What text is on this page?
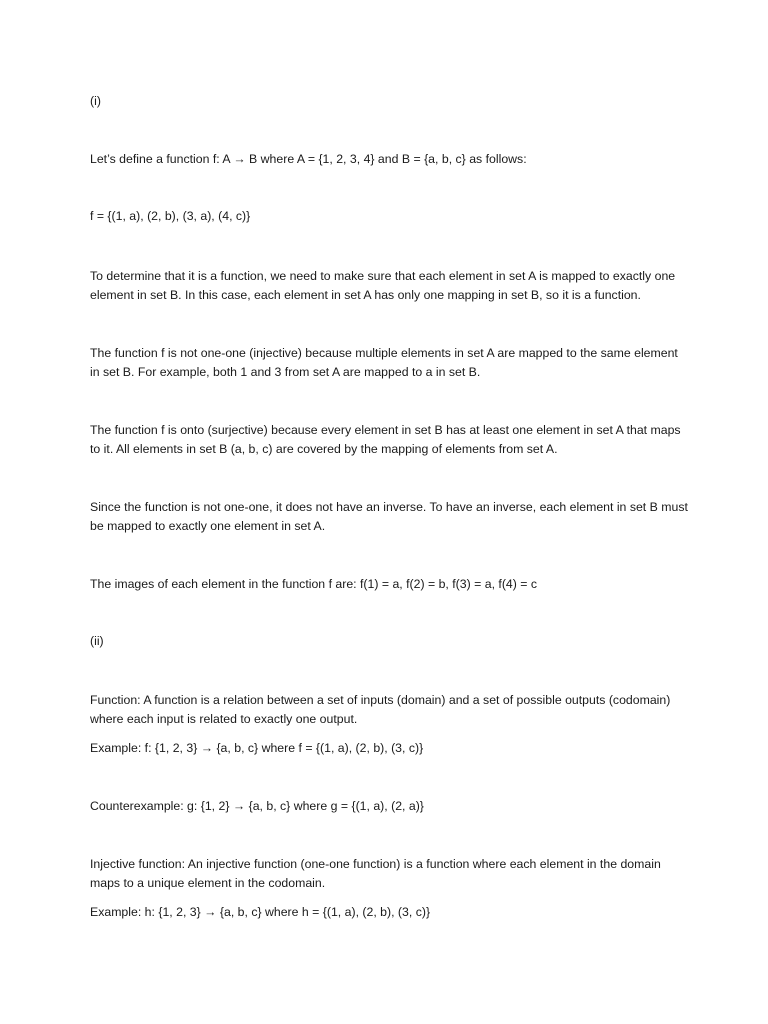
(i)

Let’s define a function f: A → B where A = {1, 2, 3, 4} and B = {a, b, c} as follows:

f = {(1, a), (2, b), (3, a), (4, c)}

To determine that it is a function, we need to make sure that each element in set A is mapped to exactly one element in set B. In this case, each element in set A has only one mapping in set B, so it is a function.

The function f is not one-one (injective) because multiple elements in set A are mapped to the same element in set B. For example, both 1 and 3 from set A are mapped to a in set B.

The function f is onto (surjective) because every element in set B has at least one element in set A that maps to it. All elements in set B (a, b, c) are covered by the mapping of elements from set A.

Since the function is not one-one, it does not have an inverse. To have an inverse, each element in set B must be mapped to exactly one element in set A.

The images of each element in the function f are: f(1) = a, f(2) = b, f(3) = a, f(4) = c

(ii)

Function: A function is a relation between a set of inputs (domain) and a set of possible outputs (codomain) where each input is related to exactly one output.

Example: f: {1, 2, 3} → {a, b, c} where f = {(1, a), (2, b), (3, c)}

Counterexample: g: {1, 2} → {a, b, c} where g = {(1, a), (2, a)}

Injective function: An injective function (one-one function) is a function where each element in the domain maps to a unique element in the codomain.

Example: h: {1, 2, 3} → {a, b, c} where h = {(1, a), (2, b), (3, c)}
